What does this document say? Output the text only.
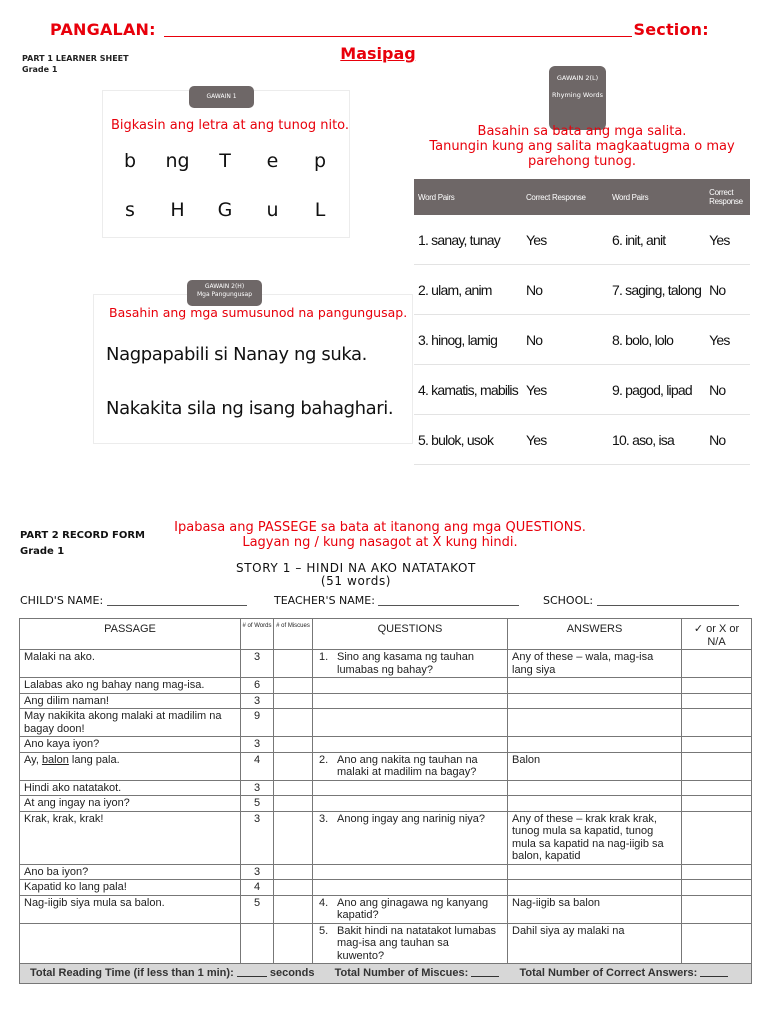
PANGALAN:	Section:
Masipag
PART 1 LEARNER SHEET
Grade 1
GAWAIN 1
Bigkasin ang letra at ang tunog nito.
b	ng	T	e	p
s	H	G	u	L
GAWAIN 2(H)
Mga Pangungusap
Basahin ang mga sumusunod na pangungusap.
Nagpapabili si Nanay ng suka.
Nakakita sila ng isang bahaghari.
GAWAIN 2(L)
Rhyming Words
Basahin sa bata ang mga salita.
Tanungin kung ang salita magkaatugma o may
parehong tunog.
Word Pairs	Correct Response	Word Pairs	Correct Response
1. sanay, tunay	Yes	6. init, anit	Yes
2. ulam, anim	No	7. saging, talong	No
3. hinog, lamig	No	8. bolo, lolo	Yes
4. kamatis, mabilis	Yes	9. pagod, lipad	No
5. bulok, usok	Yes	10. aso, isa	No
PART 2 RECORD FORM
Grade 1
Ipabasa ang PASSEGE sa bata at itanong ang mga QUESTIONS.
Lagyan ng / kung nasagot at X kung hindi.
STORY 1 – HINDI NA AKO NATATAKOT
(51 words)
CHILD'S NAME:	TEACHER'S NAME:	SCHOOL:
PASSAGE	# of Words	# of Miscues	QUESTIONS	ANSWERS	✓ or X or N/A
Malaki na ako.	3		1. Sino ang kasama ng tauhan lumabas ng bahay?	Any of these – wala, mag-isa lang siya	
Lalabas ako ng bahay nang mag-isa.	6				
Ang dilim naman!	3				
May nakikita akong malaki at madilim na bagay doon!	9				
Ano kaya iyon?	3				
Ay, balon lang pala.	4		2. Ano ang nakita ng tauhan na malaki at madilim na bagay?	Balon	
Hindi ako natatakot.	3				
At ang ingay na iyon?	5				
Krak, krak, krak!	3		3. Anong ingay ang narinig niya?	Any of these – krak krak krak, tunog mula sa kapatid, tunog mula sa kapatid na nag-iigib sa balon, kapatid	
Ano ba iyon?	3				
Kapatid ko lang pala!	4				
Nag-iigib siya mula sa balon.	5		4. Ano ang ginagawa ng kanyang kapatid?	Nag-iigib sa balon	
			5. Bakit hindi na natatakot lumabas mag-isa ang tauhan sa kuwento?	Dahil siya ay malaki na	
Total Reading Time (if less than 1 min): seconds Total Number of Miscues: Total Number of Correct Answers:					
